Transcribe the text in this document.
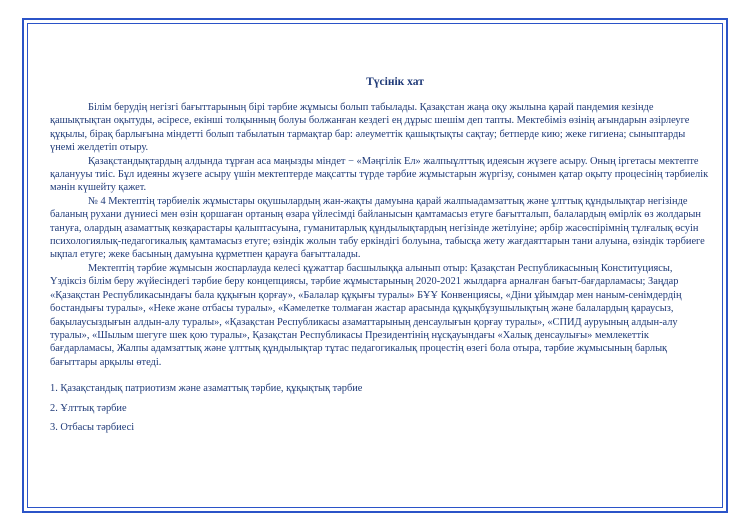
Түсінік хат

Білім берудің негізгі бағыттарының бірі тәрбие жұмысы болып табылады. Қазақстан жаңа оқу жылына қарай пандемия кезінде қашықтықтан оқытуды, әсіресе, екінші толқынның болуы болжанған кездегі ең дұрыс шешім деп тапты. Мектебіміз өзінің ағындарын әзірлеуге құқылы, бірақ барлығына міндетті болып табылатын тармақтар бар: әлеуметтік қашықтықты сақтау; бетперде кию; жеке гигиена; сыныптарды үнемі желдетіп отыру.

Қазақстандықтардың алдында тұрған аса маңызды міндет − «Мәңгілік Ел» жалпыұлттық идеясын жүзеге асыру. Оның іргетасы мектепте қаланууы тиіс. Бұл идеяны жүзеге асыру үшін мектептерде мақсатты түрде тәрбие жұмыстарын жүргізу, сонымен қатар оқыту процесінің тәрбиелік мәнін күшейту қажет.

№ 4 Мектептің тәрбиелік жұмыстары оқушылардың жан-жақты дамуына қарай жалпыадамзаттық және ұлттық құндылықтар негізінде баланың рухани дүниесі мен өзін қоршаған ортаның өзара үйлесімді байланысын қамтамасыз етуге бағытталып, балалардың өмірлік өз жолдарын тануға, олардың азаматтық көзқарастары қалыптасуына, гуманитарлық құндылықтардың негізінде жетілуіне; әрбір жасөспірімнің тұлғалық өсуін психологиялық-педагогикалық қамтамасыз етуге; өзіндік жолын табу еркіндігі болуына, табысқа жету жағдаяттарын тани алуына, өзіндік тәрбиеге ықпал етуге; жеке басының дамуына құрметпен қарауға бағытталады.

Мектептің тәрбие жұмысын жоспарлауда келесі құжаттар басшылыққа алынып отыр: Қазақстан Республикасының Конституциясы, Үздіксіз білім беру жүйесіндегі тәрбие беру концепциясы, тәрбие жұмыстарының 2020-2021 жылдарға арналған бағыт-бағдарламасы; Заңдар «Қазақстан Республикасындағы бала құқығын қорғау», «Балалар құқығы туралы» БҰҰ Конвенциясы, «Діни ұйымдар мен наным-сенімдердің бостандығы туралы», «Неке және отбасы туралы», «Кәмелетке толмаған жастар арасында құқықбұзушылықтың және балалардың қараусыз, бақылаусыздығын алдын-алу туралы», «Қазақстан Республикасы азаматтарының денсаулығын қорғау туралы», «СПИД ауруының алдын-алу туралы», «Шылым шегуге шек қою туралы», Қазақстан Республикасы Президентінің нұсқауындағы «Халық денсаулығы» мемлекеттік бағдарламасы, Жалпы адамзаттық және ұлттық құндылықтар тұтас педагогикалық процестің өзегі бола отыра, тәрбие жұмысының барлық бағыттары арқылы өтеді.

1. Қазақстандық патриотизм және азаматтық тәрбие, құқықтық тәрбие
2. Ұлттық тәрбие
3. Отбасы тәрбиесі
